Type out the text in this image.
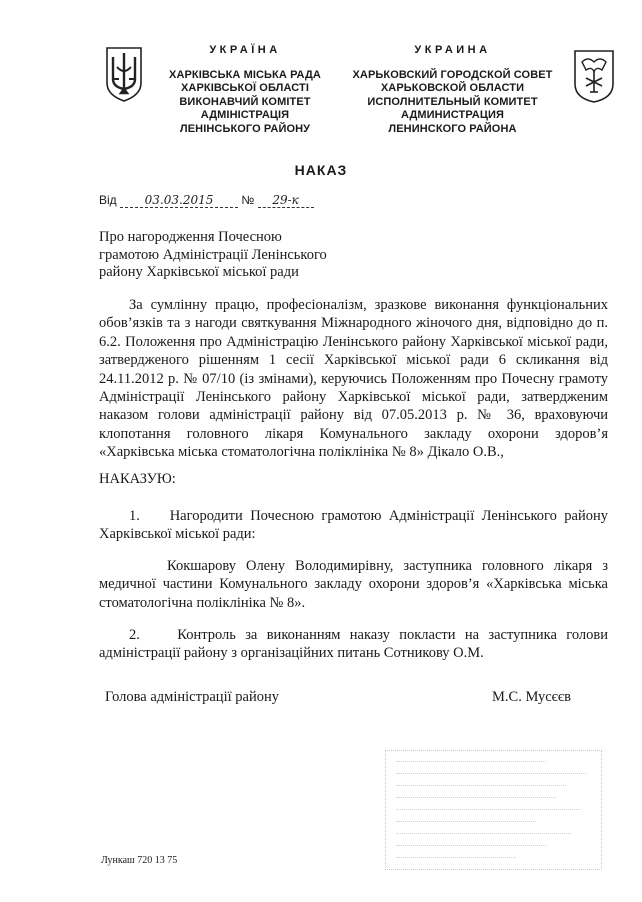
УКРАЇНА
ХАРКІВСЬКА МІСЬКА РАДА
ХАРКІВСЬКОЇ ОБЛАСТІ
ВИКОНАВЧИЙ КОМІТЕТ
АДМІНІСТРАЦІЯ
ЛЕНІНСЬКОГО РАЙОНУ
УКРАИНА
ХАРЬКОВСКИЙ ГОРОДСКОЙ СОВЕТ
ХАРЬКОВСКОЙ ОБЛАСТИ
ИСПОЛНИТЕЛЬНЫЙ КОМИТЕТ
АДМИНИСТРАЦИЯ
ЛЕНИНСКОГО РАЙОНА
НАКАЗ
Від 03.03.2015 № 29-к
Про нагородження Почесною
грамотою Адміністрації Ленінського
району Харківської міської ради
За сумлінну працю, професіоналізм, зразкове виконання функціональних обов’язків та з нагоди святкування Міжнародного жіночого дня, відповідно до п. 6.2. Положення про Адміністрацію Ленінського району Харківської міської ради, затвердженого рішенням 1 сесії Харківської міської ради 6 скликання від 24.11.2012 р. № 07/10 (із змінами), керуючись Положенням про Почесну грамоту Адміністрації Ленінського району Харківської міської ради, затвердженим наказом голови адміністрації району від 07.05.2013 р. № 36, враховуючи клопотання головного лікаря Комунального закладу охорони здоров’я «Харківська міська стоматологічна поліклініка № 8» Дікало О.В.,
НАКАЗУЮ:
1.    Нагородити Почесною грамотою Адміністрації Ленінського району Харківської міської ради:
Кокшарову Олену Володимирівну, заступника головного лікаря з медичної частини Комунального закладу охорони здоров’я «Харківська міська стоматологічна поліклініка № 8».
2.    Контроль за виконанням наказу покласти на заступника голови адміністрації району з організаційних питань Сотникову О.М.
Голова адміністрації району	М.С. Мусєєв
Лункаш 720 13 75
